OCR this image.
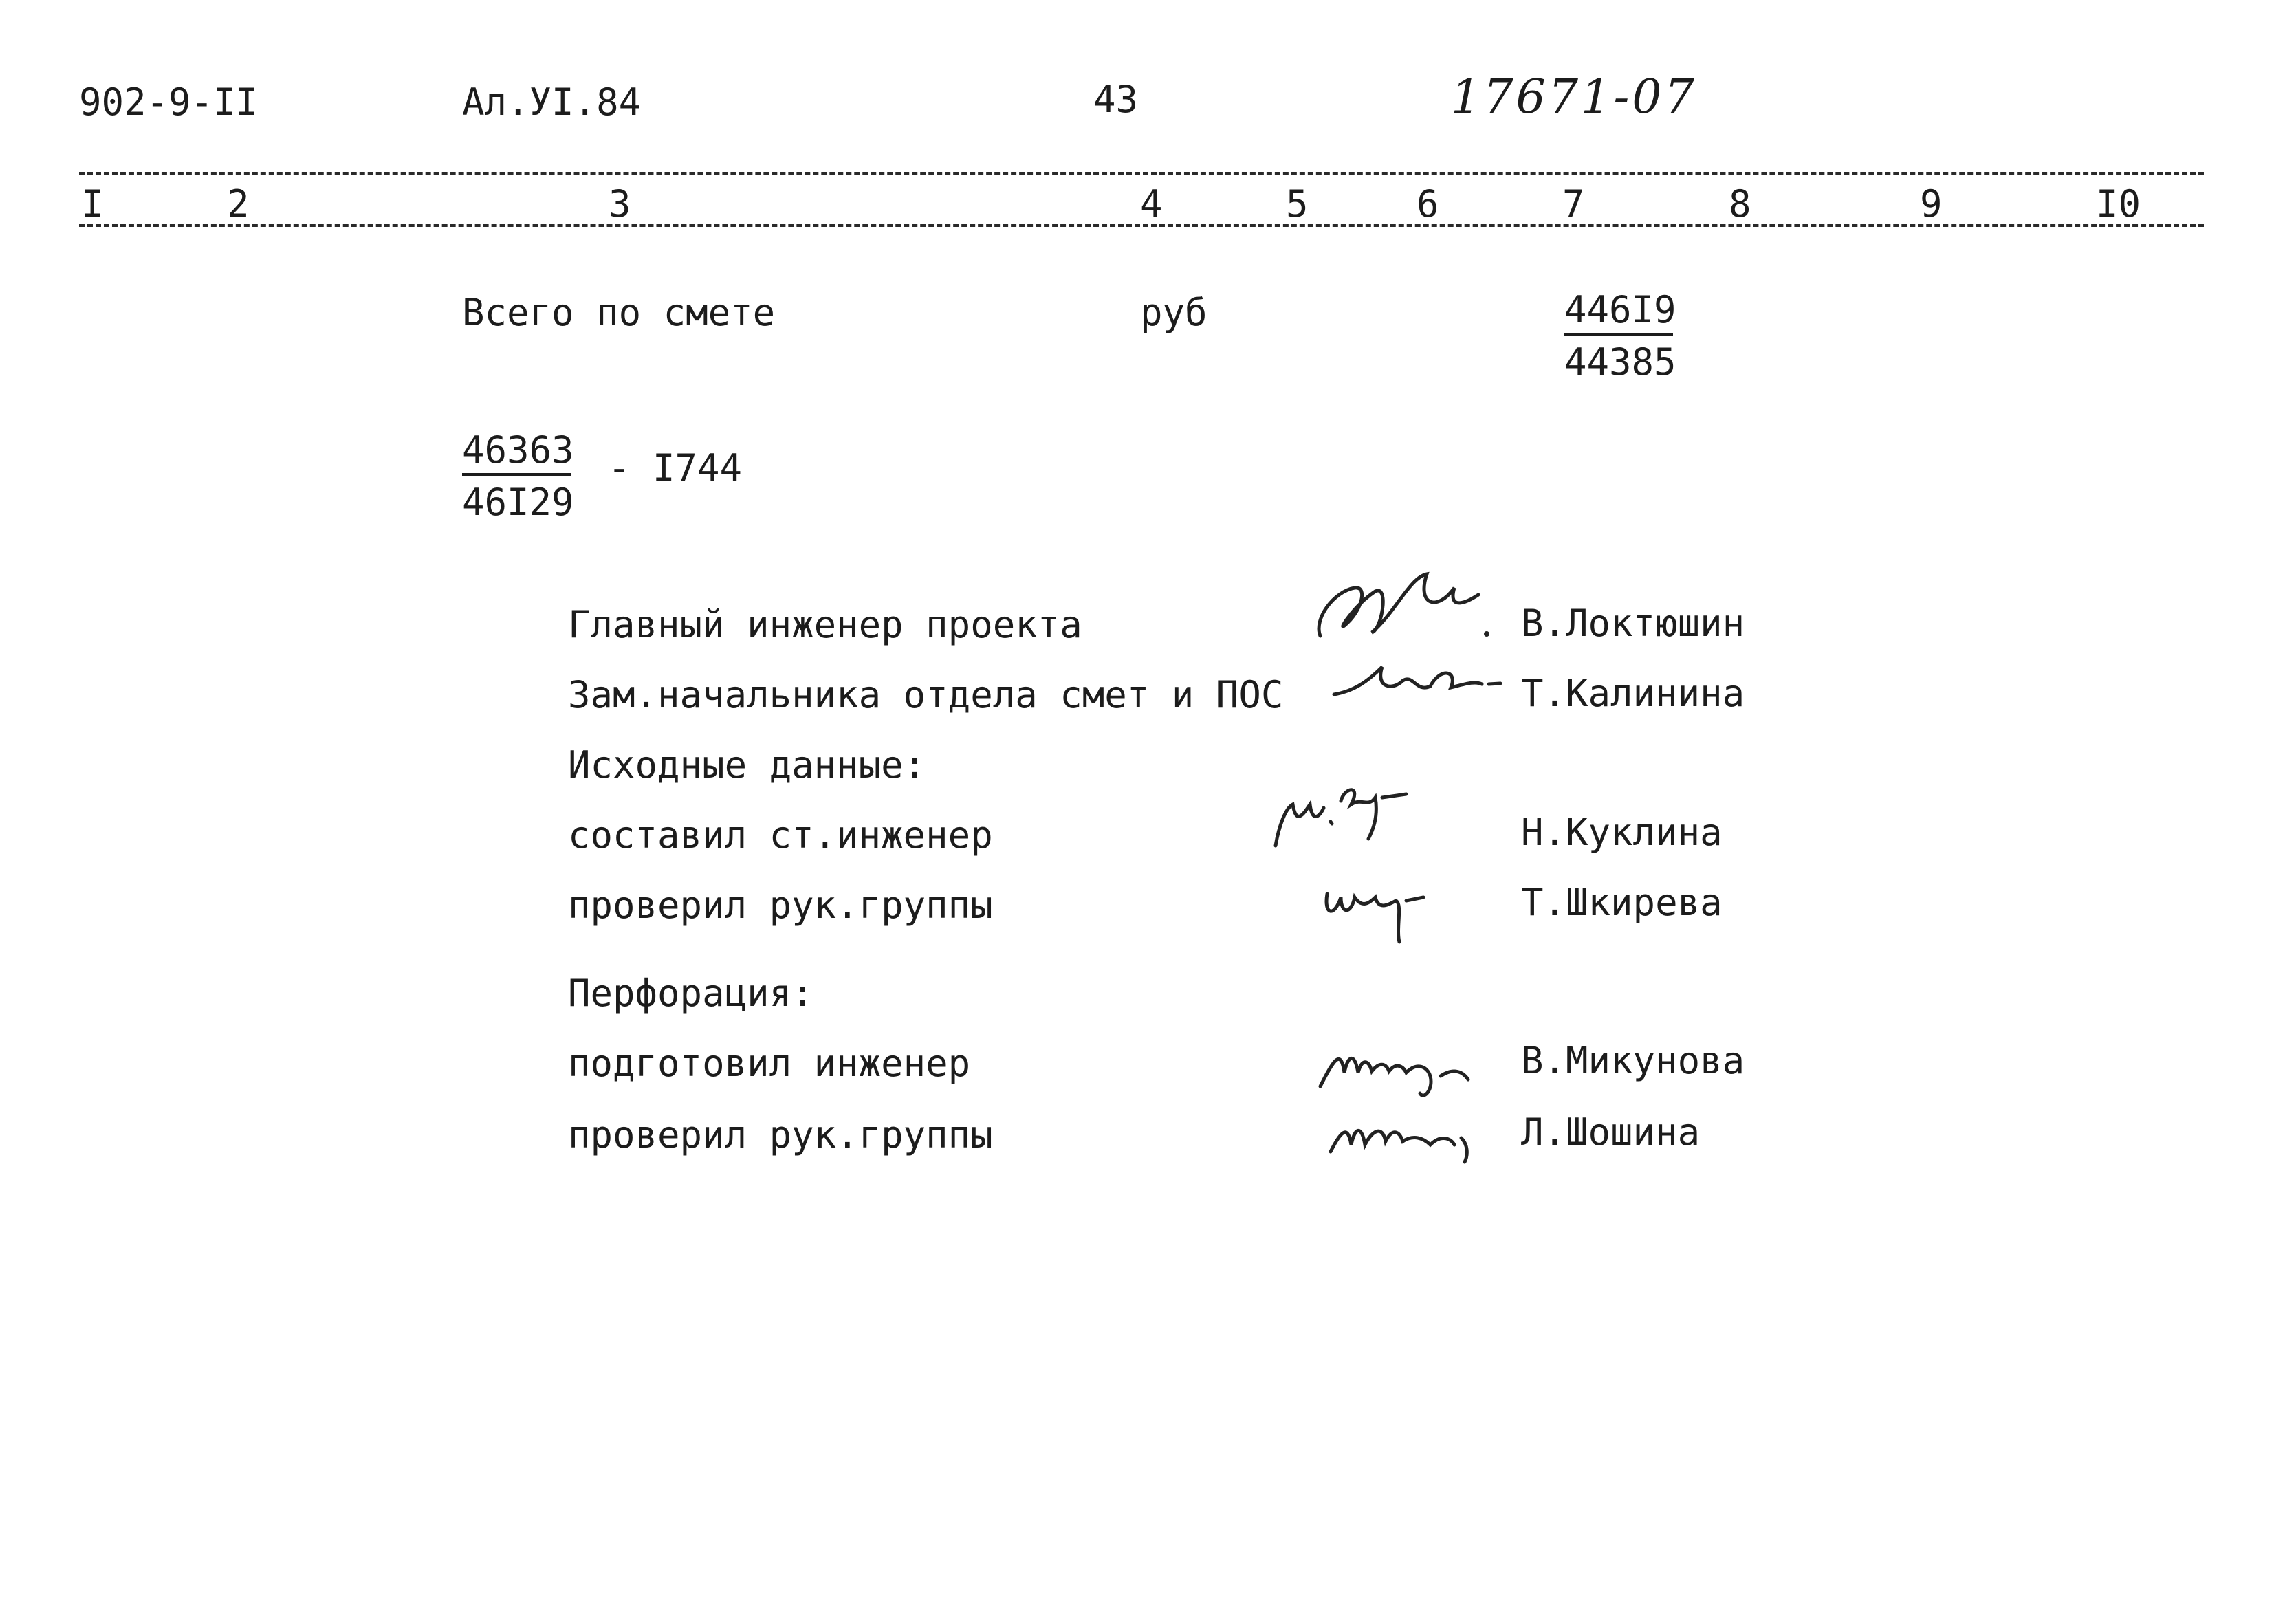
902-9-II	Ал.УI.84	43	17671-07
I	2	3	4	5	6	7	8	9	I0
Всего по смете	руб	446I9
44385
46363
46I29
- I744
Главный инженер проекта	В.Локтюшин
Зам.начальника отдела смет и ПОС	Т.Калинина
Исходные данные:
составил ст.инженер	Н.Куклина
проверил рук.группы	Т.Шкирева
Перфорация:
подготовил инженер	В.Микунова
проверил рук.группы	Л.Шошина
